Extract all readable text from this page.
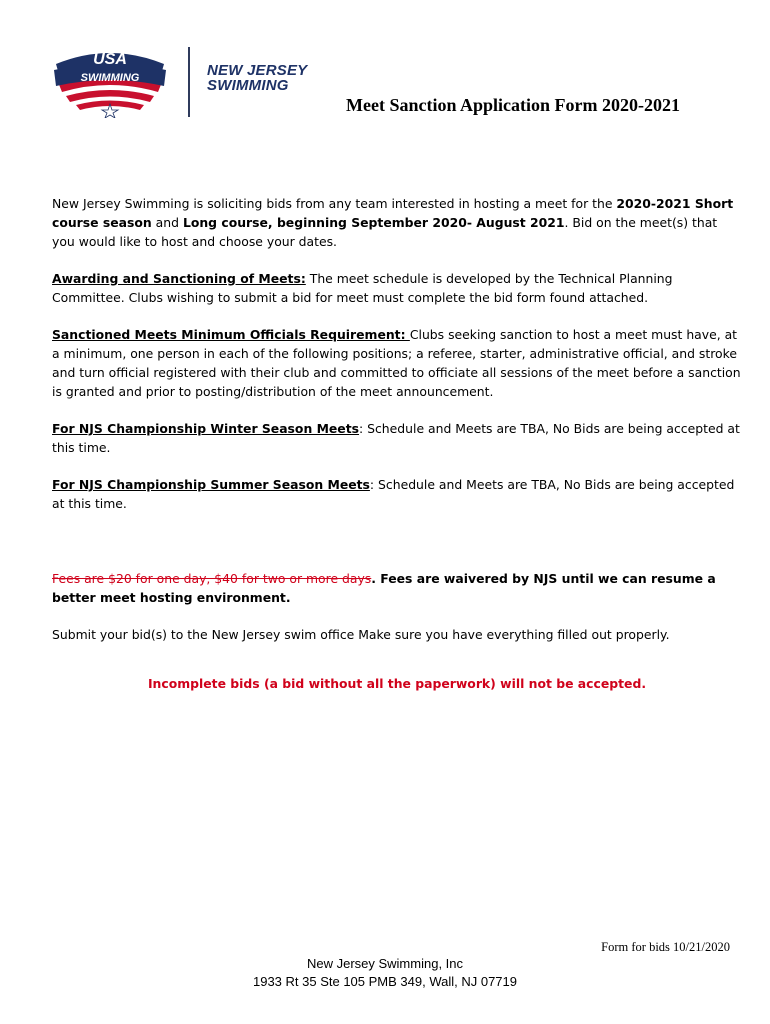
SWIMMING
USA
NEW JERSEY
SWIMMING
Meet Sanction Application Form 2020-2021

New Jersey Swimming is soliciting bids from any team interested in hosting a meet for the 2020-2021 Short course season and Long course, beginning September 2020- August 2021. Bid on the meet(s) that you would like to host and choose your dates.

Awarding and Sanctioning of Meets: The meet schedule is developed by the Technical Planning Committee. Clubs wishing to submit a bid for meet must complete the bid form found attached.

Sanctioned Meets Minimum Officials Requirement: Clubs seeking sanction to host a meet must have, at a minimum, one person in each of the following positions; a referee, starter, administrative official, and stroke and turn official registered with their club and committed to officiate all sessions of the meet before a sanction is granted and prior to posting/distribution of the meet announcement.

For NJS Championship Winter Season Meets: Schedule and Meets are TBA, No Bids are being accepted at this time.

For NJS Championship Summer Season Meets: Schedule and Meets are TBA, No Bids are being accepted at this time.

Fees are $20 for one day, $40 for two or more days. Fees are waivered by NJS until we can resume a better meet hosting environment.

Submit your bid(s) to the New Jersey swim office Make sure you have everything filled out properly.

Incomplete bids (a bid without all the paperwork) will not be accepted.

Form for bids 10/21/2020
New Jersey Swimming, Inc
1933 Rt 35 Ste 105 PMB 349, Wall, NJ 07719
